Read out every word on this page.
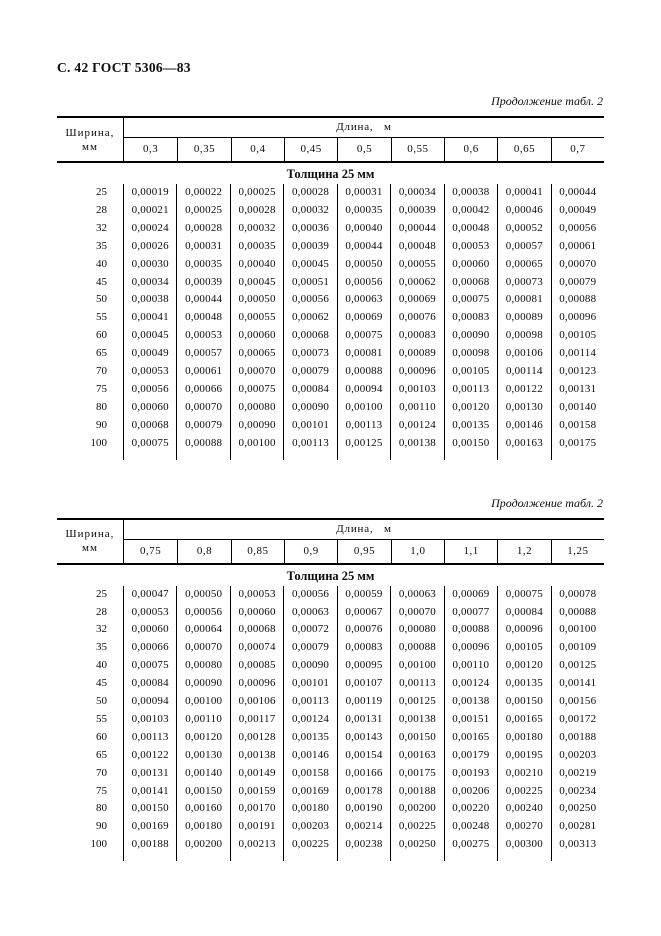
С. 42 ГОСТ 5306—83
Продолжение табл. 2
Ширина,
мм
Длина, м
0,3	0,35	0,4	0,45	0,5	0,55	0,6	0,65	0,7
Толщина 25 мм
25	0,00019	0,00022	0,00025	0,00028	0,00031	0,00034	0,00038	0,00041	0,00044
28	0,00021	0,00025	0,00028	0,00032	0,00035	0,00039	0,00042	0,00046	0,00049
32	0,00024	0,00028	0,00032	0,00036	0,00040	0,00044	0,00048	0,00052	0,00056
35	0,00026	0,00031	0,00035	0,00039	0,00044	0,00048	0,00053	0,00057	0,00061
40	0,00030	0,00035	0,00040	0,00045	0,00050	0,00055	0,00060	0,00065	0,00070
45	0,00034	0,00039	0,00045	0,00051	0,00056	0,00062	0,00068	0,00073	0,00079
50	0,00038	0,00044	0,00050	0,00056	0,00063	0,00069	0,00075	0,00081	0,00088
55	0,00041	0,00048	0,00055	0,00062	0,00069	0,00076	0,00083	0,00089	0,00096
60	0,00045	0,00053	0,00060	0,00068	0,00075	0,00083	0,00090	0,00098	0,00105
65	0,00049	0,00057	0,00065	0,00073	0,00081	0,00089	0,00098	0,00106	0,00114
70	0,00053	0,00061	0,00070	0,00079	0,00088	0,00096	0,00105	0,00114	0,00123
75	0,00056	0,00066	0,00075	0,00084	0,00094	0,00103	0,00113	0,00122	0,00131
80	0,00060	0,00070	0,00080	0,00090	0,00100	0,00110	0,00120	0,00130	0,00140
90	0,00068	0,00079	0,00090	0,00101	0,00113	0,00124	0,00135	0,00146	0,00158
100	0,00075	0,00088	0,00100	0,00113	0,00125	0,00138	0,00150	0,00163	0,00175
Продолжение табл. 2
Ширина,
мм
Длина, м
0,75	0,8	0,85	0,9	0,95	1,0	1,1	1,2	1,25
Толщина 25 мм
25	0,00047	0,00050	0,00053	0,00056	0,00059	0,00063	0,00069	0,00075	0,00078
28	0,00053	0,00056	0,00060	0,00063	0,00067	0,00070	0,00077	0,00084	0,00088
32	0,00060	0,00064	0,00068	0,00072	0,00076	0,00080	0,00088	0,00096	0,00100
35	0,00066	0,00070	0,00074	0,00079	0,00083	0,00088	0,00096	0,00105	0,00109
40	0,00075	0,00080	0,00085	0,00090	0,00095	0,00100	0,00110	0,00120	0,00125
45	0,00084	0,00090	0,00096	0,00101	0,00107	0,00113	0,00124	0,00135	0,00141
50	0,00094	0,00100	0,00106	0,00113	0,00119	0,00125	0,00138	0,00150	0,00156
55	0,00103	0,00110	0,00117	0,00124	0,00131	0,00138	0,00151	0,00165	0,00172
60	0,00113	0,00120	0,00128	0,00135	0,00143	0,00150	0,00165	0,00180	0,00188
65	0,00122	0,00130	0,00138	0,00146	0,00154	0,00163	0,00179	0,00195	0,00203
70	0,00131	0,00140	0,00149	0,00158	0,00166	0,00175	0,00193	0,00210	0,00219
75	0,00141	0,00150	0,00159	0,00169	0,00178	0,00188	0,00206	0,00225	0,00234
80	0,00150	0,00160	0,00170	0,00180	0,00190	0,00200	0,00220	0,00240	0,00250
90	0,00169	0,00180	0,00191	0,00203	0,00214	0,00225	0,00248	0,00270	0,00281
100	0,00188	0,00200	0,00213	0,00225	0,00238	0,00250	0,00275	0,00300	0,00313
